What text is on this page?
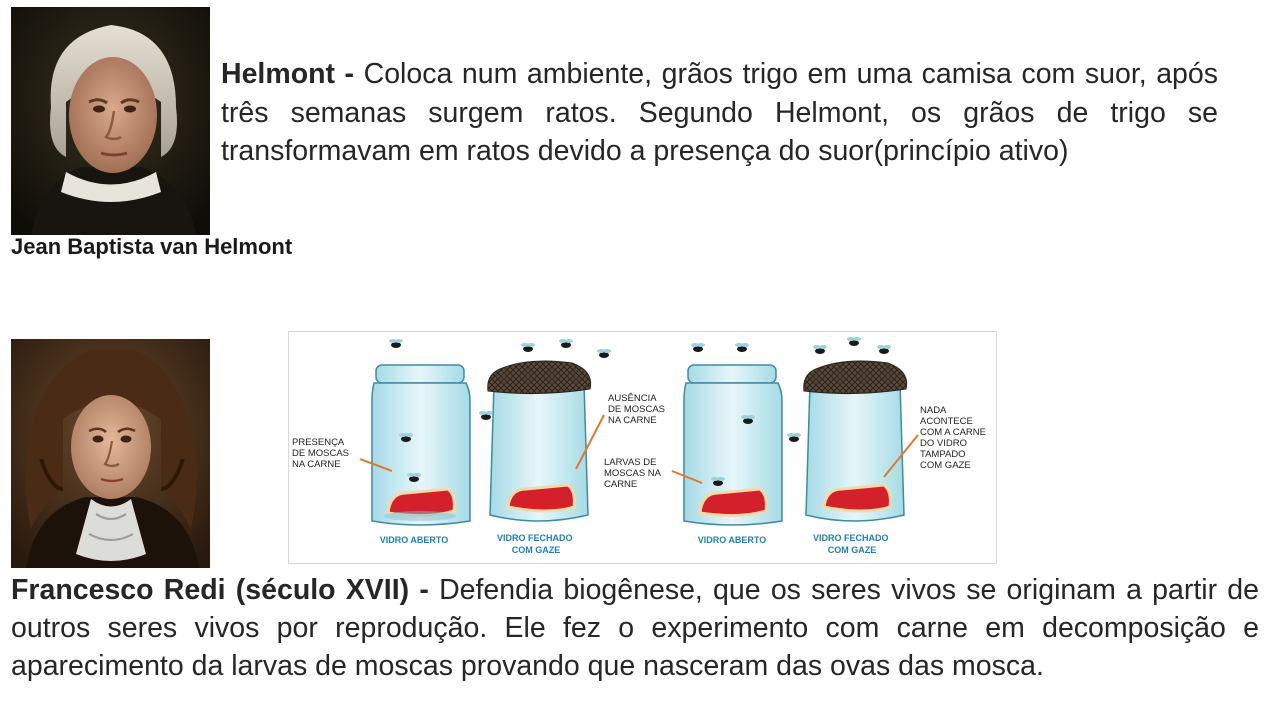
Helmont - Coloca num ambiente, grãos trigo em uma camisa com suor, após três semanas surgem ratos. Segundo Helmont, os grãos de trigo se transformavam em ratos devido a presença do suor(princípio ativo)

Jean Baptista van Helmont
PRESENÇA DE MOSCAS NA CARNE
AUSÊNCIA DE MOSCAS NA CARNE
LARVAS DE MOSCAS NA CARNE
NADA ACONTECE COM A CARNE DO VIDRO TAMPADO COM GAZE
VIDRO ABERTO	VIDRO FECHADO COM GAZE
VIDRO ABERTO	VIDRO FECHADO COM GAZE

Francesco Redi (século XVII) - Defendia biogênese, que os seres vivos se originam a partir de outros seres vivos por reprodução. Ele fez o experimento com carne em decomposição e aparecimento da larvas de moscas provando que nasceram das ovas das mosca.
